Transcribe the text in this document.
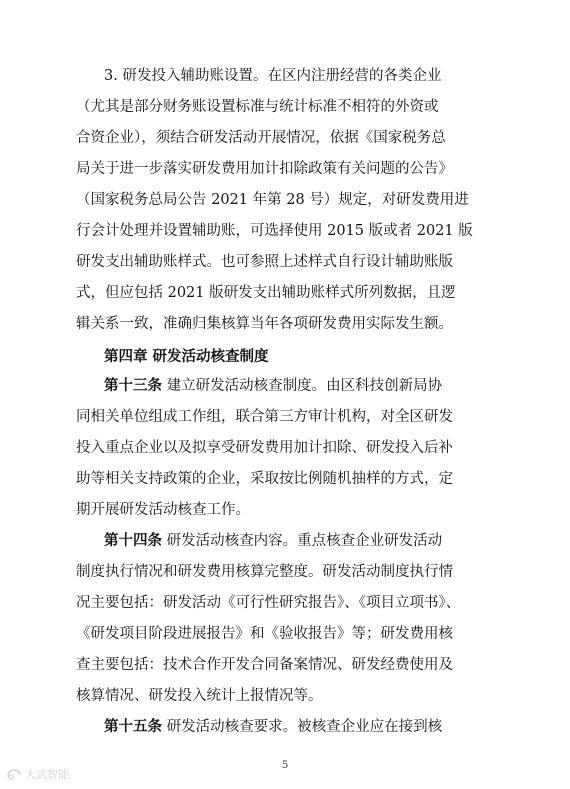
3. 研发投入辅助账设置。在区内注册经营的各类企业
（尤其是部分财务账设置标准与统计标准不相符的外资或
合资企业），须结合研发活动开展情况，依据《国家税务总
局关于进一步落实研发费用加计扣除政策有关问题的公告》
（国家税务总局公告 2021 年第 28 号）规定，对研发费用进
行会计处理并设置辅助账，可选择使用 2015 版或者 2021 版
研发支出辅助账样式。也可参照上述样式自行设计辅助账版
式，但应包括 2021 版研发支出辅助账样式所列数据，且逻
辑关系一致，准确归集核算当年各项研发费用实际发生额。
第四章 研发活动核查制度
第十三条 建立研发活动核查制度。由区科技创新局协
同相关单位组成工作组，联合第三方审计机构，对全区研发
投入重点企业以及拟享受研发费用加计扣除、研发投入后补
助等相关支持政策的企业，采取按比例随机抽样的方式，定
期开展研发活动核查工作。
第十四条 研发活动核查内容。重点核查企业研发活动
制度执行情况和研发费用核算完整度。研发活动制度执行情
况主要包括：研发活动《可行性研究报告》、《项目立项书》、
《研发项目阶段进展报告》和《验收报告》等；研发费用核
查主要包括：技术合作开发合同备案情况、研发经费使用及
核算情况、研发投入统计上报情况等。
第十五条 研发活动核查要求。被核查企业应在接到核
5
大武智能
